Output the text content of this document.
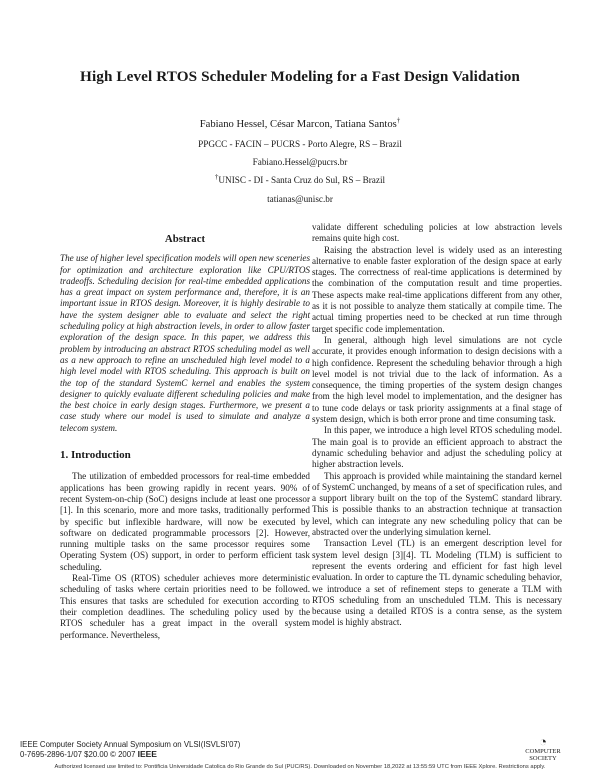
High Level RTOS Scheduler Modeling for a Fast Design Validation
Fabiano Hessel, César Marcon, Tatiana Santos†
PPGCC - FACIN – PUCRS - Porto Alegre, RS – Brazil
Fabiano.Hessel@pucrs.br
†UNISC - DI - Santa Cruz do Sul, RS – Brazil
tatianas@unisc.br
Abstract

The use of higher level specification models will open new sceneries for optimization and architecture exploration like CPU/RTOS tradeoffs. Scheduling decision for real-time embedded applications has a great impact on system performance and, therefore, it is an important issue in RTOS design. Moreover, it is highly desirable to have the system designer able to evaluate and select the right scheduling policy at high abstraction levels, in order to allow faster exploration of the design space. In this paper, we address this problem by introducing an abstract RTOS scheduling model as well as a new approach to refine an unscheduled high level model to a high level model with RTOS scheduling. This approach is built on the top of the standard SystemC kernel and enables the system designer to quickly evaluate different scheduling policies and make the best choice in early design stages. Furthermore, we present a case study where our model is used to simulate and analyze a telecom system.

1. Introduction

The utilization of embedded processors for real-time embedded applications has been growing rapidly in recent years. 90% of recent System-on-chip (SoC) designs include at least one processor [1]. In this scenario, more and more tasks, traditionally performed by specific but inflexible hardware, will now be executed by software on dedicated programmable processors [2]. However, running multiple tasks on the same processor requires some Operating System (OS) support, in order to perform efficient task scheduling.

Real-Time OS (RTOS) scheduler achieves more deterministic scheduling of tasks where certain priorities need to be followed. This ensures that tasks are scheduled for execution according to their completion deadlines. The scheduling policy used by the RTOS scheduler has a great impact in the overall system performance. Nevertheless,

validate different scheduling policies at low abstraction levels remains quite high cost.

Raising the abstraction level is widely used as an interesting alternative to enable faster exploration of the design space at early stages. The correctness of real-time applications is determined by the combination of the computation result and time properties. These aspects make real-time applications different from any other, as it is not possible to analyze them statically at compile time. The actual timing properties need to be checked at run time through target specific code implementation.

In general, although high level simulations are not cycle accurate, it provides enough information to design decisions with a high confidence. Represent the scheduling behavior through a high level model is not trivial due to the lack of information. As a consequence, the timing properties of the system design changes from the high level model to implementation, and the designer has to tune code delays or task priority assignments at a final stage of system design, which is both error prone and time consuming task.

In this paper, we introduce a high level RTOS scheduling model. The main goal is to provide an efficient approach to abstract the dynamic scheduling behavior and adjust the scheduling policy at higher abstraction levels.

This approach is provided while maintaining the standard kernel of SystemC unchanged, by means of a set of specification rules, and a support library built on the top of the SystemC standard library. This is possible thanks to an abstraction technique at transaction level, which can integrate any new scheduling policy that can be abstracted over the underlying simulation kernel.

Transaction Level (TL) is an emergent description level for system level design [3][4]. TL Modeling (TLM) is sufficient to represent the events ordering and efficient for fast high level evaluation. In order to capture the TL dynamic scheduling behavior, we introduce a set of refinement steps to generate a TLM with RTOS scheduling from an unscheduled TLM. This is necessary because using a detailed RTOS is a contra sense, as the system model is highly abstract.

IEEE Computer Society Annual Symposium on VLSI(ISVLSI'07)
0-7695-2896-1/07 $20.00 © 2007 IEEE
◔
COMPUTER
SOCIETY
Authorized licensed use limited to: Pontificia Universidade Catolica do Rio Grande do Sul (PUC/RS). Downloaded on November 18,2022 at 13:55:59 UTC from IEEE Xplore. Restrictions apply.
